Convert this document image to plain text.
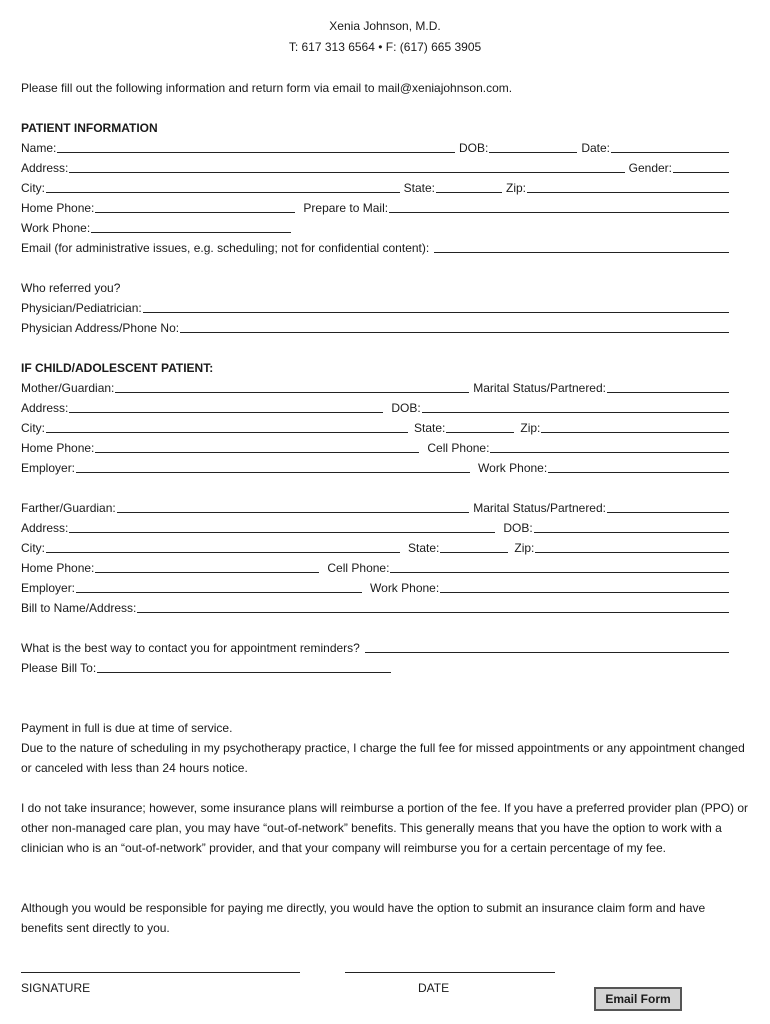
Xenia Johnson, M.D.
T: 617 313 6564 • F: (617) 665 3905
Please fill out the following information and return form via email to mail@xeniajohnson.com.
PATIENT INFORMATION
Name:	DOB:	Date:
Address:	Gender:
City:	State:	Zip:
Home Phone:	Prepare to Mail:
Work Phone:
Email (for administrative issues, e.g. scheduling; not for confidential content):
Who referred you?
Physician/Pediatrician:
Physician Address/Phone No:
IF CHILD/ADOLESCENT PATIENT:
Mother/Guardian:	Marital Status/Partnered:
Address:	DOB:
City:	State:	Zip:
Home Phone:	Cell Phone:
Employer:	Work Phone:
Farther/Guardian:	Marital Status/Partnered:
Address:	DOB:
City:	State:	Zip:
Home Phone:	Cell Phone:
Employer:	Work Phone:
Bill to Name/Address:
What is the best way to contact you for appointment reminders?
Please Bill To:
Payment in full is due at time of service.
Due to the nature of scheduling in my psychotherapy practice, I charge the full fee for missed appointments or any appointment changed or canceled with less than 24 hours notice.
I do not take insurance; however, some insurance plans will reimburse a portion of the fee. If you have a preferred provider plan (PPO) or other non-managed care plan, you may have “out-of-network” benefits. This generally means that you have the option to work with a clinician who is an “out-of-network” provider, and that your company will reimburse you for a certain percentage of my fee.
Although you would be responsible for paying me directly, you would have the option to submit an insurance claim form and have benefits sent directly to you.
SIGNATURE	DATE
Email Form
